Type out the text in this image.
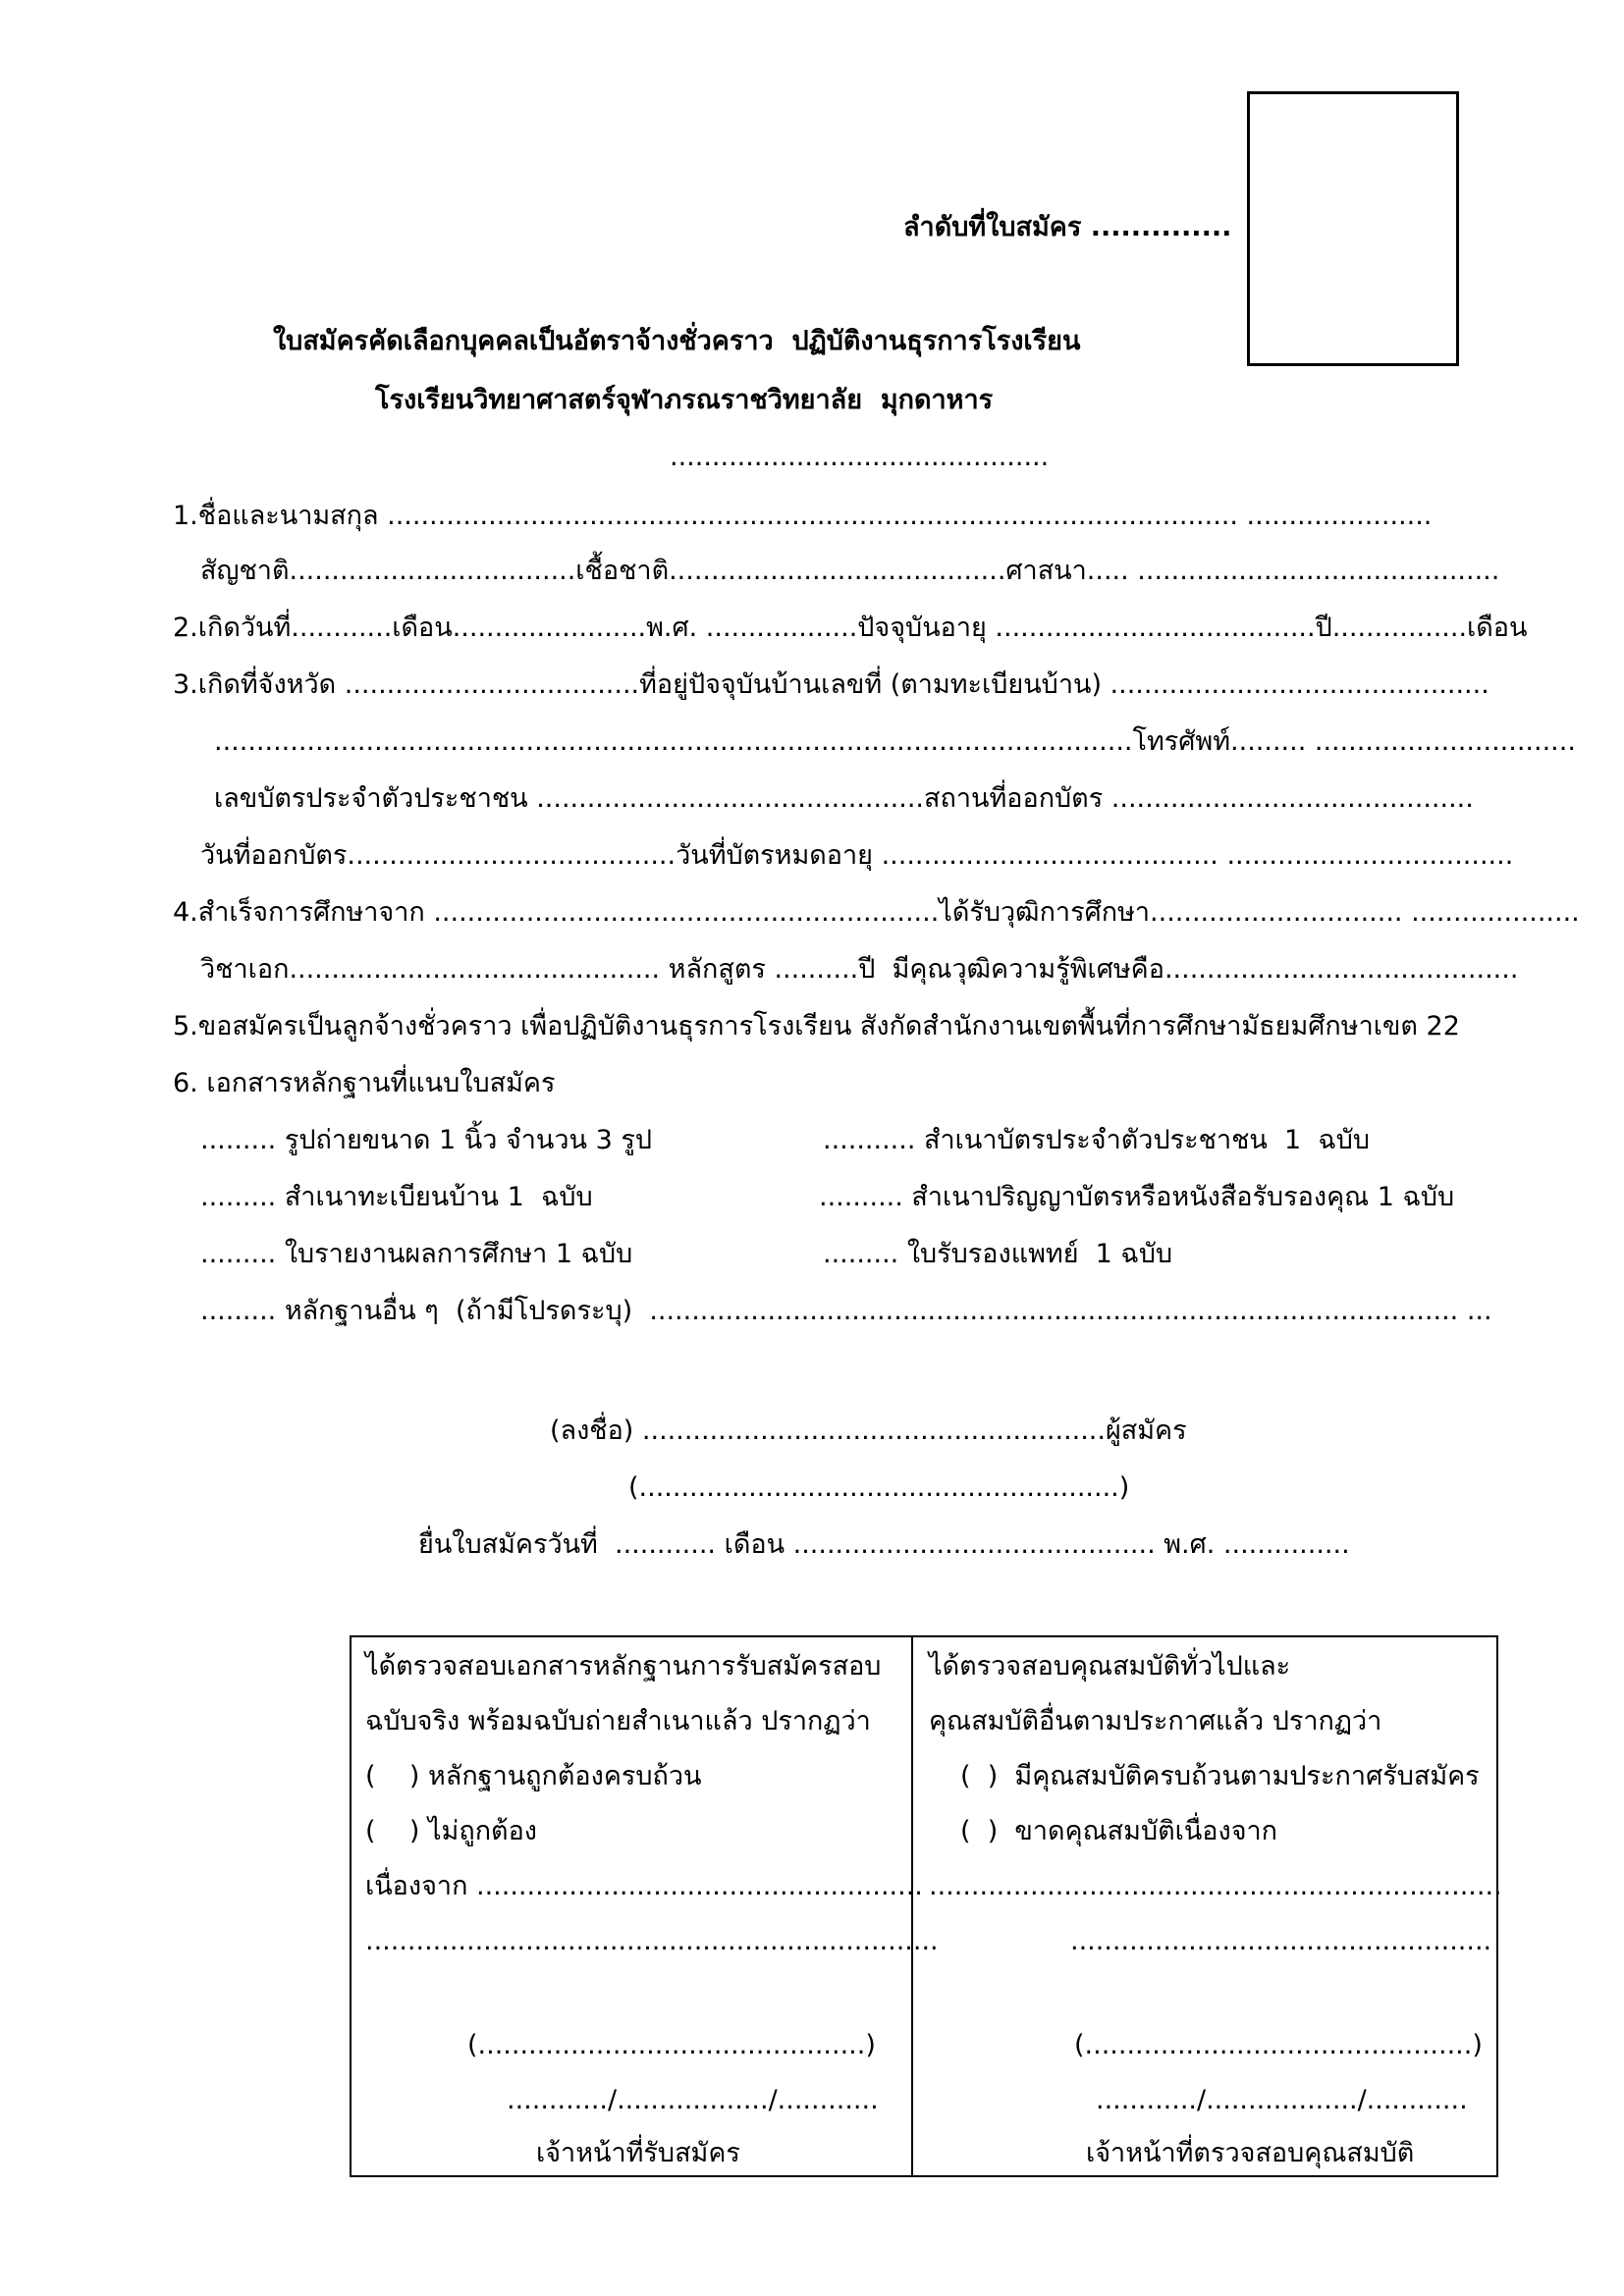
ลำดับที่ใบสมัคร ..............
ใบสมัครคัดเลือกบุคคลเป็นอัตราจ้างชั่วคราว  ปฏิบัติงานธุรการโรงเรียน
โรงเรียนวิทยาศาสตร์จุฬาภรณราชวิทยาลัย  มุกดาหาร
.............................................
1.ชื่อและนามสกุล ..................................................................................................... ......................
สัญชาติ..................................เชื้อชาติ........................................ศาสนา..... ...........................................
2.เกิดวันที่............เดือน.......................พ.ศ. ..................ปัจจุบันอายุ ......................................ปี................เดือน
3.เกิดที่จังหวัด ...................................ที่อยู่ปัจจุบันบ้านเลขที่ (ตามทะเบียนบ้าน) .............................................
.............................................................................................................โทรศัพท์......... ...............................
เลขบัตรประจำตัวประชาชน ..............................................สถานที่ออกบัตร ...........................................
วันที่ออกบัตร.......................................วันที่บัตรหมดอายุ ........................................ ..................................
4.สำเร็จการศึกษาจาก ............................................................ได้รับวุฒิการศึกษา.............................. ....................
วิชาเอก............................................ หลักสูตร ..........ปี  มีคุณวุฒิความรู้พิเศษคือ..........................................
5.ขอสมัครเป็นลูกจ้างชั่วคราว เพื่อปฏิบัติงานธุรการโรงเรียน สังกัดสำนักงานเขตพื้นที่การศึกษามัธยมศึกษาเขต 22
6. เอกสารหลักฐานที่แนบใบสมัคร
......... รูปถ่ายขนาด 1 นิ้ว จำนวน 3 รูป	........... สำเนาบัตรประจำตัวประชาชน  1  ฉบับ
......... สำเนาทะเบียนบ้าน 1  ฉบับ	.......... สำเนาปริญญาบัตรหรือหนังสือรับรองคุณ 1 ฉบับ
......... ใบรายงานผลการศึกษา 1 ฉบับ	......... ใบรับรองแพทย์  1 ฉบับ
......... หลักฐานอื่น ๆ  (ถ้ามีโปรดระบุ)  ................................................................................................ ...
(ลงชื่อ) .......................................................ผู้สมัคร
(.........................................................)
ยื่นใบสมัครวันที่  ............ เดือน ........................................... พ.ศ. ...............
ได้ตรวจสอบเอกสารหลักฐานการรับสมัครสอบ
ฉบับจริง พร้อมฉบับถ่ายสำเนาแล้ว ปรากฏว่า
(    ) หลักฐานถูกต้องครบถ้วน
(    ) ไม่ถูกต้อง
เนื่องจาก .....................................................
....................................................................
(..............................................)
............/................../............
เจ้าหน้าที่รับสมัคร
ได้ตรวจสอบคุณสมบัติทั่วไปและ
คุณสมบัติอื่นตามประกาศแล้ว ปรากฏว่า
(  )  มีคุณสมบัติครบถ้วนตามประกาศรับสมัคร
(  )  ขาดคุณสมบัติเนื่องจาก
....................................................................
..................................................
(..............................................)
............/................../............
เจ้าหน้าที่ตรวจสอบคุณสมบัติ
